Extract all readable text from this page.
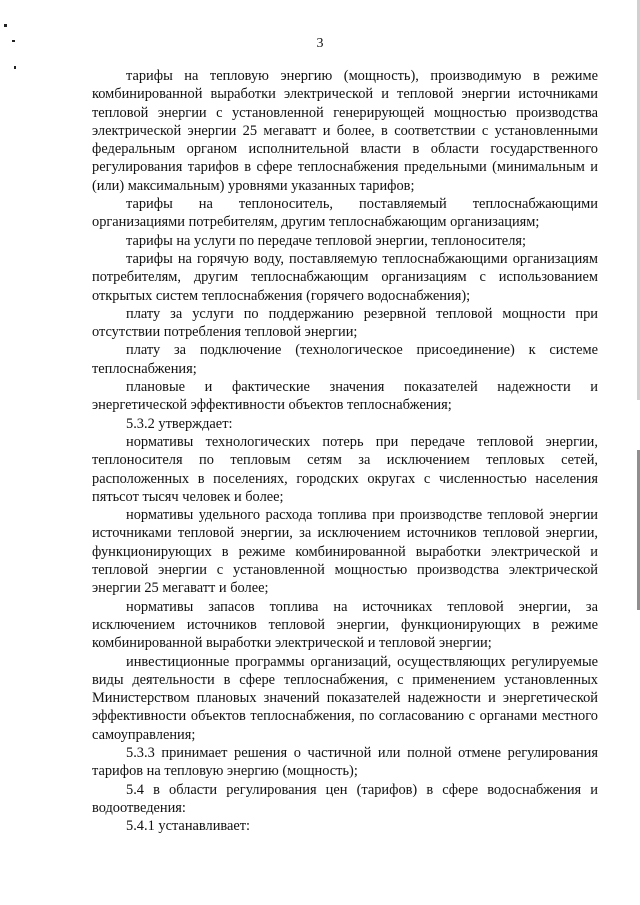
3

тарифы на тепловую энергию (мощность), производимую в режиме комбинированной выработки электрической и тепловой энергии источниками тепловой энергии с установленной генерирующей мощностью производства электрической энергии 25 мегаватт и более, в соответствии с установленными федеральным органом исполнительной власти в области государственного регулирования тарифов в сфере теплоснабжения предельными (минимальным и (или) максимальным) уровнями указанных тарифов;

тарифы на теплоноситель, поставляемый теплоснабжающими организациями потребителям, другим теплоснабжающим организациям;

тарифы на услуги по передаче тепловой энергии, теплоносителя;

тарифы на горячую воду, поставляемую теплоснабжающими организациям потребителям, другим теплоснабжающим организациям с использованием открытых систем теплоснабжения (горячего водоснабжения);

плату за услуги по поддержанию резервной тепловой мощности при отсутствии потребления тепловой энергии;

плату за подключение (технологическое присоединение) к системе теплоснабжения;

плановые и фактические значения показателей надежности и энергетической эффективности объектов теплоснабжения;

5.3.2 утверждает:

нормативы технологических потерь при передаче тепловой энергии, теплоносителя по тепловым сетям за исключением тепловых сетей, расположенных в поселениях, городских округах с численностью населения пятьсот тысяч человек и более;

нормативы удельного расхода топлива при производстве тепловой энергии источниками тепловой энергии, за исключением источников тепловой энергии, функционирующих в режиме комбинированной выработки электрической и тепловой энергии с установленной мощностью производства электрической энергии 25 мегаватт и более;

нормативы запасов топлива на источниках тепловой энергии, за исключением источников тепловой энергии, функционирующих в режиме комбинированной выработки электрической и тепловой энергии;

инвестиционные программы организаций, осуществляющих регулируемые виды деятельности в сфере теплоснабжения, с применением установленных Министерством плановых значений показателей надежности и энергетической эффективности объектов теплоснабжения, по согласованию с органами местного самоуправления;

5.3.3 принимает решения о частичной или полной отмене регулирования тарифов на тепловую энергию (мощность);

5.4 в области регулирования цен (тарифов) в сфере водоснабжения и водоотведения:

5.4.1 устанавливает:
